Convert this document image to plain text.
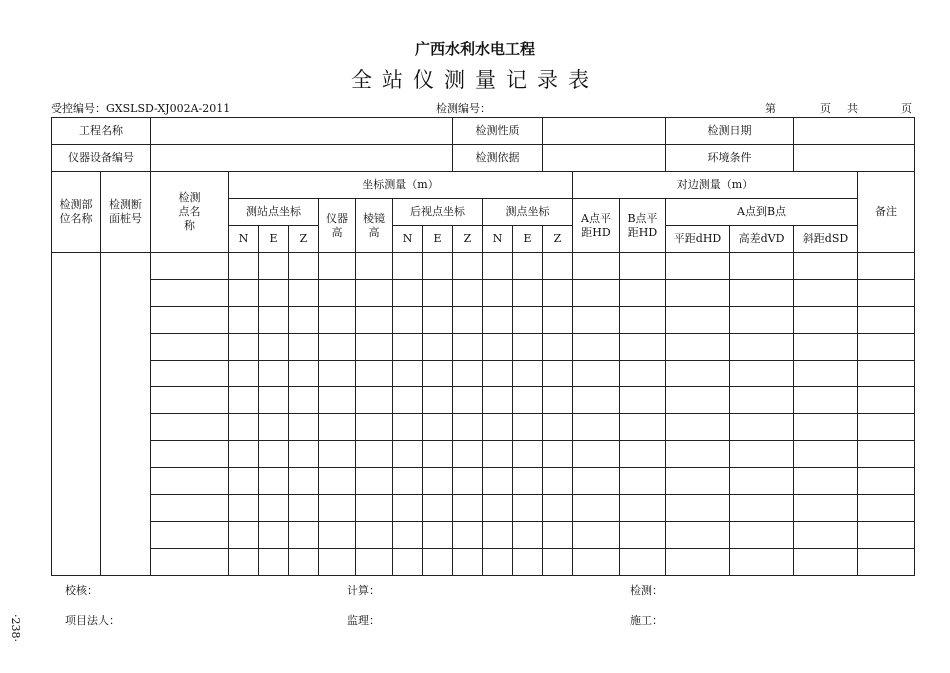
广西水利水电工程
全站仪测量记录表
受控编号：GXSLSD-XJ002A-2011	检测编号：	第	页 共	页
工程名称										检测性质						检测日期			
仪器设备编号										检测依据						环境条件			

检测部位名称	检测断面桩号	检测点名称	坐标测量（m）											对边测量（m）					备注
			测站点坐标			仪器高	棱镜高	后视点坐标			测点坐标			A点平距HD	B点平距HD	A点到B点			
			N	E	Z			N	E	Z	N	E	Z			平距dHD	高差dVD	斜距dSD	

校核：	计算：	检测：
项目法人：	监理：	施工：
·238·
